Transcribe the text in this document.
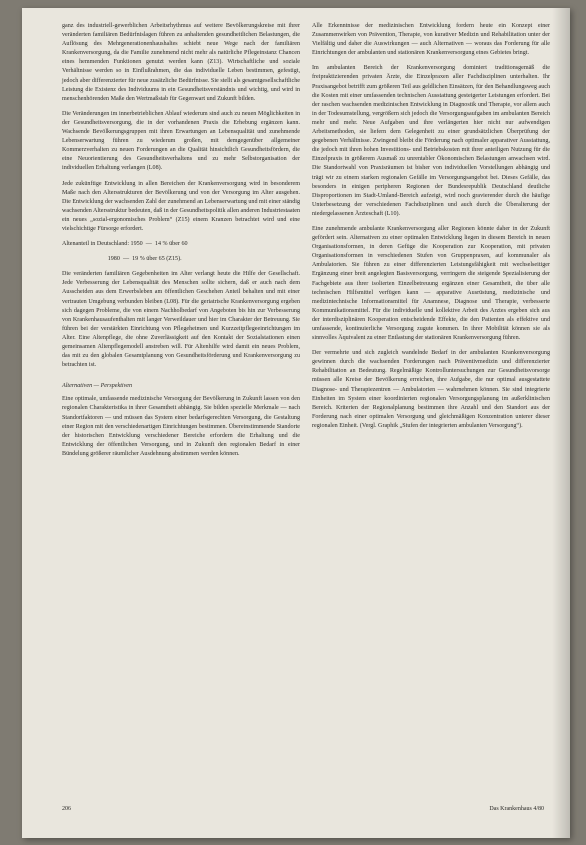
ganz des industriell-gewerblichen Arbeitsrhythmus auf weitere Bevölkerungskreise mit ihrer veränderten familiären Bedürfnislagen führen zu anhaltenden gesundheitlichen Belastungen, die Auflösung des Mehrgenerationenhaushaltes schiebt neue Wege nach der familiären Krankenversorgung, da die Familie zunehmend nicht mehr als natürliche Pflegeinstanz Chancen eines hemmenden Funktionen genutzt werden kann (Z13). Wirtschaftliche und soziale Verhältnisse werden so in Einflußrahmen, die das individuelle Leben bestimmen, gefestigt, jedoch aber differenzierter für neue zusätzliche Bedürfnisse. Sie stellt als gesamtgesellschaftliche Leistung die Existenz des Individuums in ein Gesundheitsverständnis und wichtig, und wird in menschenhörenden Maße den Wertmaßstab für Gegenwart und Zukunft bilden.

Die Veränderungen im innerbetrieblichen Ablauf wiederum sind auch zu neuen Möglichkeiten in der Gesundheitsversorgung, die in der vorhandenen Praxis die Erhebung ergänzen kann. Wachsende Bevölkerungsgruppen mit ihren Erwartungen an Lebensqualität und zunehmende Lebenserwartung führen zu wiederum großen, mit demgegenüber allgemeiner Kommerzverhalten zu neuen Forderungen an die Qualität hinsichtlich Gesundheitsfördern, die eine Neuorientierung des Gesundheitsverhaltens und zu mehr Selbstorganisation der individuellen Erhaltung verlangen (L08).

Jede zukünftige Entwicklung in allen Bereichen der Krankenversorgung wird in besonderem Maße nach den Altersstrukturen der Bevölkerung und von der Versorgung im Alter ausgehen. Die Entwicklung der wachsenden Zahl der zunehmend an Lebenserwartung und mit einer ständig wachsenden Altersstruktur bedeuten, daß in der Gesundheitspolitik allen anderen Industriestaaten ein neues „sozial-ergonomisches Problem“ (Z15) einem Kranzen betrachtet wird und eine vielschichtige Fürsorge erfordert.

Altenanteil in Deutschland: 1950  —  14 % über 60
1980  —  19 % über 65 (Z15).

Die veränderten familiären Gegebenheiten im Alter verlangt heute die Hilfe der Gesellschaft. Jede Verbesserung der Lebensqualität des Menschen sollte sichern, daß er auch nach dem Ausscheiden aus dem Erwerbsleben am öffentlichen Geschehen Anteil behalten und mit einer vertrauten Umgebung verbunden bleiben (L08). Für die geriatrische Krankenversorgung ergeben sich dagegen Probleme, die von einem Nachholbedarf von Angeboten bis hin zur Verbesserung von Krankenhausaufenthalten mit langer Verweildauer und hier im Charakter der Betreuung. Sie führen bei der verstärkten Einrichtung von Pflegeheimen und Kurzzeitpflegeeinrichtungen im Alter. Eine Altenpflege, die ohne Zuverlässigkeit auf den Kontakt der Sozialstationen einen gemeinsamen Altenpflegemodell anstreben will. Für Altenhilfe wird damit ein neues Problem, das mit zu den globalen Gesamtplanung von Gesundheitsförderung und Krankenversorgung zu betrachten ist.

Alternativen — Perspektiven

Eine optimale, umfassende medizinische Versorgung der Bevölkerung in Zukunft lassen von den regionalen Charakteristika in ihrer Gesamtheit abhängig. Sie bilden spezielle Merkmale — nach Standortfaktoren — und müssen das System einer bedarfsgerechten Versorgung, die Gestaltung einer Region mit den verschiedenartigen Einrichtungen bestimmen. Übereinstimmende Standorte der historischen Entwicklung verschiedener Bereiche erfordern die Erhaltung und die Entwicklung der öffentlichen Versorgung, und in Zukunft den regionalen Bedarf in einer Bündelung größerer räumlicher Ausdehnung abstimmen werden können.

Alle Erkenntnisse der medizinischen Entwicklung fordern heute ein Konzept einer Zusammenwirken von Prävention, Therapie, von kurativer Medizin und Rehabilitation unter der Vielfältig und daher die Auswirkungen — auch Alternativen — woraus das Forderung für alle Einrichtungen der ambulanten und stationären Krankenversorgung eines Gebietes bringt.

Im ambulanten Bereich der Krankenversorgung dominiert traditionsgemäß die freipraktizierenden privaten Ärzte, die Einzelpraxen aller Fachdisziplinen unterhalten. Ihr Praxisangebot betrifft zum größeren Teil aus geldlichen Einsätzen, für den Behandlungsweg auch die Kosten mit einer umfassenden technischen Ausstattung gesteigerter Leistungen erfordert. Bei der raschen wachsenden medizinischen Entwicklung in Diagnostik und Therapie, vor allem auch in der Todesumstellung, vergrößern sich jedoch die Versorgungsaufgaben im ambulanten Bereich mehr und mehr. Neue Aufgaben und ihre verlängerten hier nicht nur aufwendigen Arbeitsmethoden, sie liefern dem Gelegenheit zu einer grundsätzlichen Überprüfung der gegebenen Verhältnisse. Zwingend bleibt die Förderung nach optimaler apparativer Ausstattung, die jedoch mit ihren hohen Investitions- und Betriebskosten mit ihrer anteiligen Nutzung für die Einzelpraxis in größerem Ausmaß zu unrentabler Ökonomischen Belastungen anwachsen wird. Die Standortwahl von Praxisräumen ist bisher von individuellen Vorstellungen abhängig und trägt wir zu einem starken regionalen Gefälle im Versorgungsangebot bei. Dieses Gefälle, das besonders in einigen peripheren Regionen der Bundesrepublik Deutschland deutliche Disproportionen im Stadt-Umland-Bereich aufzeigt, wird noch gravierender durch die häufige Unterbesetzung der verschiedenen Fachdisziplinen und auch durch die Überalterung der niedergelassenen Ärzteschaft (L10).

Eine zunehmende ambulante Krankenversorgung aller Regionen könnte daher in der Zukunft gefördert sein. Alternativen zu einer optimalen Entwicklung liegen in diesem Bereich in neuen Organisationsformen, in deren Gefüge die Kooperation zur Kooperation, mit privaten Organisationsformen in verschiedenen Stufen von Gruppenpraxen, auf kommunaler als Ambulatorien. Sie führen zu einer differenzierten Leistungsfähigkeit mit wechselseitiger Ergänzung einer breit angelegten Basisversorgung, verringern die steigende Spezialisierung der Fachgebiete aus ihrer isolierten Einzelbetreuung ergänzen einer Gesamtheit, die über alle technischen Hilfsmittel verfügen kann — apparative Ausrüstung, medizinische und medizintechnische Informationsmittel für Anamnese, Diagnose und Therapie, verbesserte Kommunikationsmittel. Für die individuelle und kollektive Arbeit des Arztes ergeben sich aus der interdisziplinären Kooperation entscheidende Effekte, die den Patienten als effektive und umfassende, kontinuierliche Versorgung zugute kommen. In ihrer Mobilität können sie als sinnvolles Äquivalent zu einer Entlastung der stationären Krankenversorgung führen.

Der vermehrte und sich zugleich wandelnde Bedarf in der ambulanten Krankenversorgung gewinnen durch die wachsenden Forderungen nach Präventivmedizin und differenzierter Rehabilitation an Bedeutung. Regelmäßige Kontrolluntersuchungen zur Gesundheitsvorsorge müssen alle Kreise der Bevölkerung erreichen, ihre Aufgabe, die nur optimal ausgestattete Diagnose- und Therapiezentren — Ambulatorien — wahrnehmen können. Sie sind integrierte Einheiten im System einer koordinierten regionalen Versorgungsplanung im außerklinischen Bereich. Kriterien der Regionalplanung bestimmen ihre Anzahl und den Standort aus der Forderung nach einer optimalen Versorgung und gleichmäßigen Konzentration unterer dieser regionalen Einheit. (Vergl. Graphik „Stufen der integrierten ambulanten Versorgung“).

206	Das Krankenhaus 4/80
